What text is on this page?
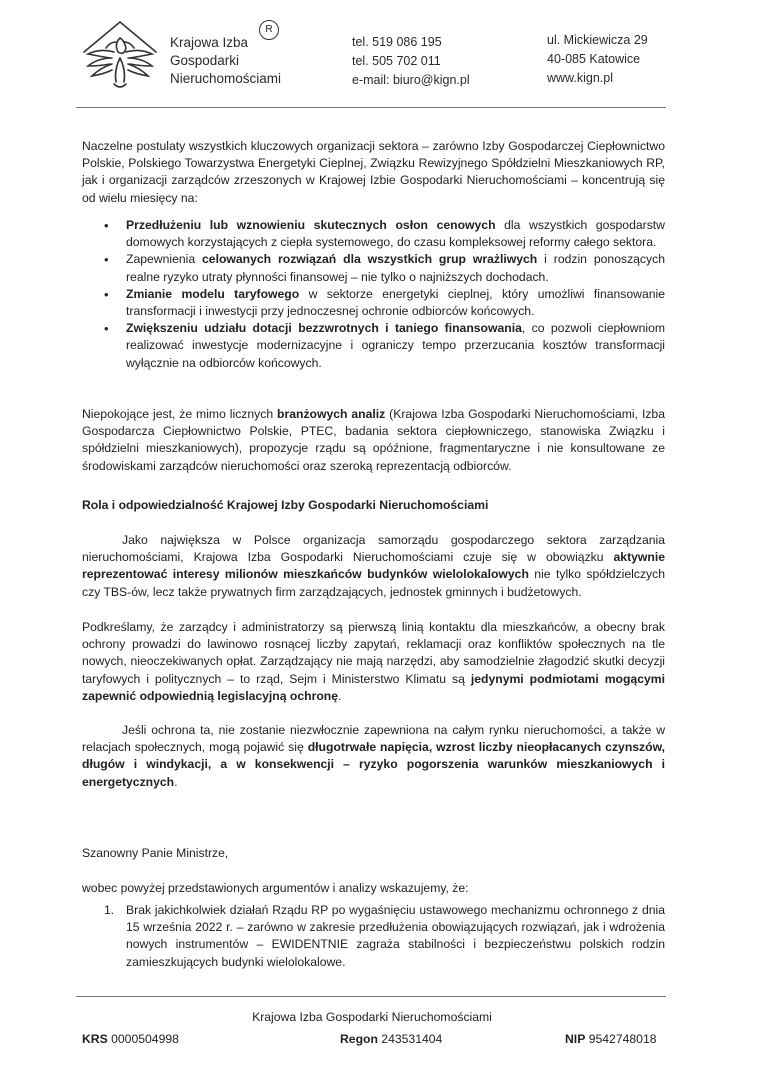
Krajowa Izba
Gospodarki
Nieruchomościami
R
tel. 519 086 195
tel. 505 702 011
e-mail: biuro@kign.pl
ul. Mickiewicza 29
40-085 Katowice
www.kign.pl

Naczelne postulaty wszystkich kluczowych organizacji sektora – zarówno Izby Gospodarczej Ciepłownictwo Polskie, Polskiego Towarzystwa Energetyki Cieplnej, Związku Rewizyjnego Spółdzielni Mieszkaniowych RP, jak i organizacji zarządców zrzeszonych w Krajowej Izbie Gospodarki Nieruchomościami – koncentrują się od wielu miesięcy na:

• Przedłużeniu lub wznowieniu skutecznych osłon cenowych dla wszystkich gospodarstw domowych korzystających z ciepła systemowego, do czasu kompleksowej reformy całego sektora.
• Zapewnienia celowanych rozwiązań dla wszystkich grup wrażliwych i rodzin ponoszących realne ryzyko utraty płynności finansowej – nie tylko o najniższych dochodach.
• Zmianie modelu taryfowego w sektorze energetyki cieplnej, który umożliwi finansowanie transformacji i inwestycji przy jednoczesnej ochronie odbiorców końcowych.
• Zwiększeniu udziału dotacji bezzwrotnych i taniego finansowania, co pozwoli ciepłowniom realizować inwestycje modernizacyjne i ograniczy tempo przerzucania kosztów transformacji wyłącznie na odbiorców końcowych.

Niepokojące jest, że mimo licznych branżowych analiz (Krajowa Izba Gospodarki Nieruchomościami, Izba Gospodarcza Ciepłownictwo Polskie, PTEC, badania sektora ciepłowniczego, stanowiska Związku i spółdzielni mieszkaniowych), propozycje rządu są opóźnione, fragmentaryczne i nie konsultowane ze środowiskami zarządców nieruchomości oraz szeroką reprezentacją odbiorców.

Rola i odpowiedzialność Krajowej Izby Gospodarki Nieruchomościami

Jako największa w Polsce organizacja samorządu gospodarczego sektora zarządzania nieruchomościami, Krajowa Izba Gospodarki Nieruchomościami czuje się w obowiązku aktywnie reprezentować interesy milionów mieszkańców budynków wielolokalowych nie tylko spółdzielczych czy TBS-ów, lecz także prywatnych firm zarządzających, jednostek gminnych i budżetowych.

Podkreślamy, że zarządcy i administratorzy są pierwszą linią kontaktu dla mieszkańców, a obecny brak ochrony prowadzi do lawinowo rosnącej liczby zapytań, reklamacji oraz konfliktów społecznych na tle nowych, nieoczekiwanych opłat. Zarządzający nie mają narzędzi, aby samodzielnie złagodzić skutki decyzji taryfowych i politycznych – to rząd, Sejm i Ministerstwo Klimatu są jedynymi podmiotami mogącymi zapewnić odpowiednią legislacyjną ochronę.

Jeśli ochrona ta, nie zostanie niezwłocznie zapewniona na całym rynku nieruchomości, a także w relacjach społecznych, mogą pojawić się długotrwałe napięcia, wzrost liczby nieopłacanych czynszów, długów i windykacji, a w konsekwencji – ryzyko pogorszenia warunków mieszkaniowych i energetycznych.

Szanowny Panie Ministrze,
wobec powyżej przedstawionych argumentów i analizy wskazujemy, że:
1. Brak jakichkolwiek działań Rządu RP po wygaśnięciu ustawowego mechanizmu ochronnego z dnia 15 września 2022 r. – zarówno w zakresie przedłużenia obowiązujących rozwiązań, jak i wdrożenia nowych instrumentów – EWIDENTNIE zagraża stabilności i bezpieczeństwu polskich rodzin zamieszkujących budynki wielolokalowe.
Krajowa Izba Gospodarki Nieruchomościami
KRS 0000504998	Regon 243531404	NIP 9542748018
